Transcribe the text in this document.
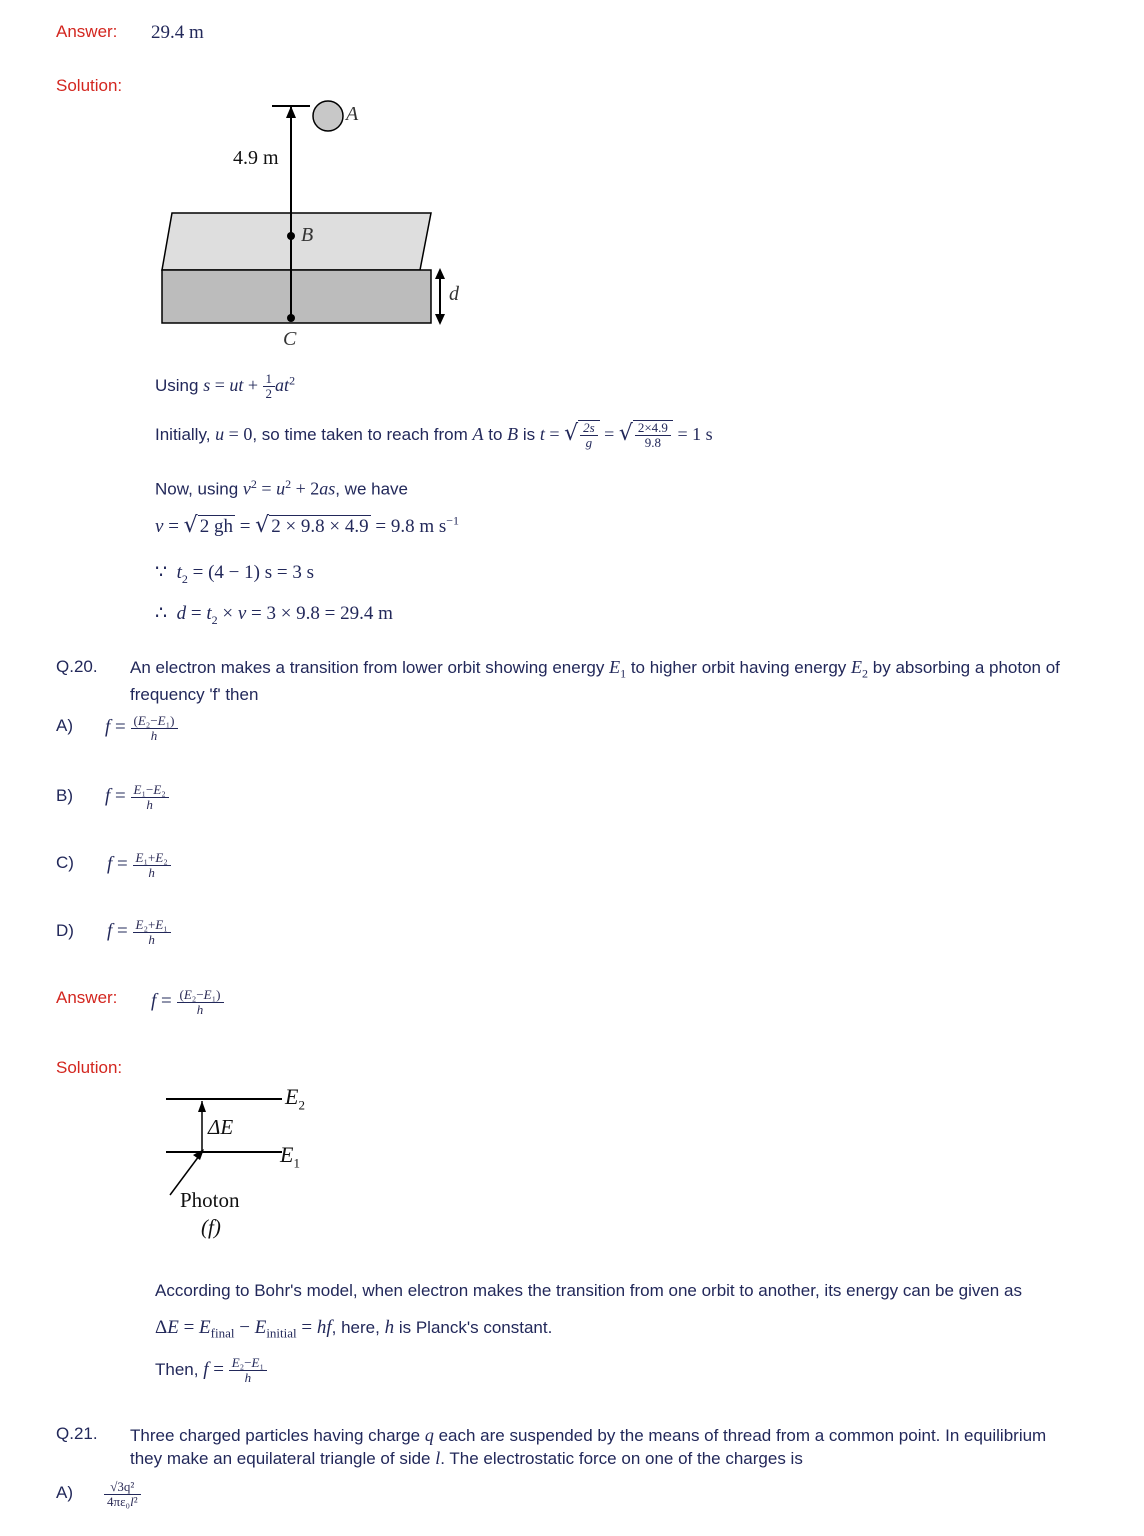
Answer: 29.4 m
Solution:
A
4.9 m
B
d
C
Using s = ut + $\frac{1}{2} at^2$
Initially, u = 0, so time taken to reach from A to B is t = √ $\frac{2s}{g}$ = √ $\frac{2\times 4.9}{9.8} = 1$ s
Now, using $v^2 = u^2 + 2as$, we have
v = √ 2 gh = √ 2 × 9.8 × 4.9 = 9.8 m $s^{-1}$
∵  $t_2 = (4 - 1) s = 3$ s
∴  $d = t_2 \times v = 3 \times 9.8 = 29.4$ m
Q.20. An electron makes a transition from lower orbit showing energy $E_1$ to higher orbit having energy $E_2$ by absorbing a photon of
frequency 'f' then
A) $f = \frac{\text{(E₂−E₁)}}{h}$
B) $f = \frac{\text{E₁−E₂}}{h}$
C) $f = \frac{\text{E₁+E₂}}{h}$
D) $f = \frac{\text{E₂+E₁}}{h}$
Answer: $f = \frac{\text{(E₂−E₁)}}{h}$
Solution:
$E_2$
ΔE
$E_1$
Photon
(f)
According to Bohr's model, when electron makes the transition from one orbit to another, its energy can be given as
$\Delta E = E_{final} - E_{initial}$ = hf, here, h is Planck's constant.
Then, $f = \frac{\text{E₂−E₁}}{h}$
Q.21. Three charged particles having charge q each are suspended by the means of thread from a common point. In equilibrium
they make an equilateral triangle of side l. The electrostatic force on one of the charges is
$A) \frac{\text{√3q²}}{\text{4πε₀l²}}$
